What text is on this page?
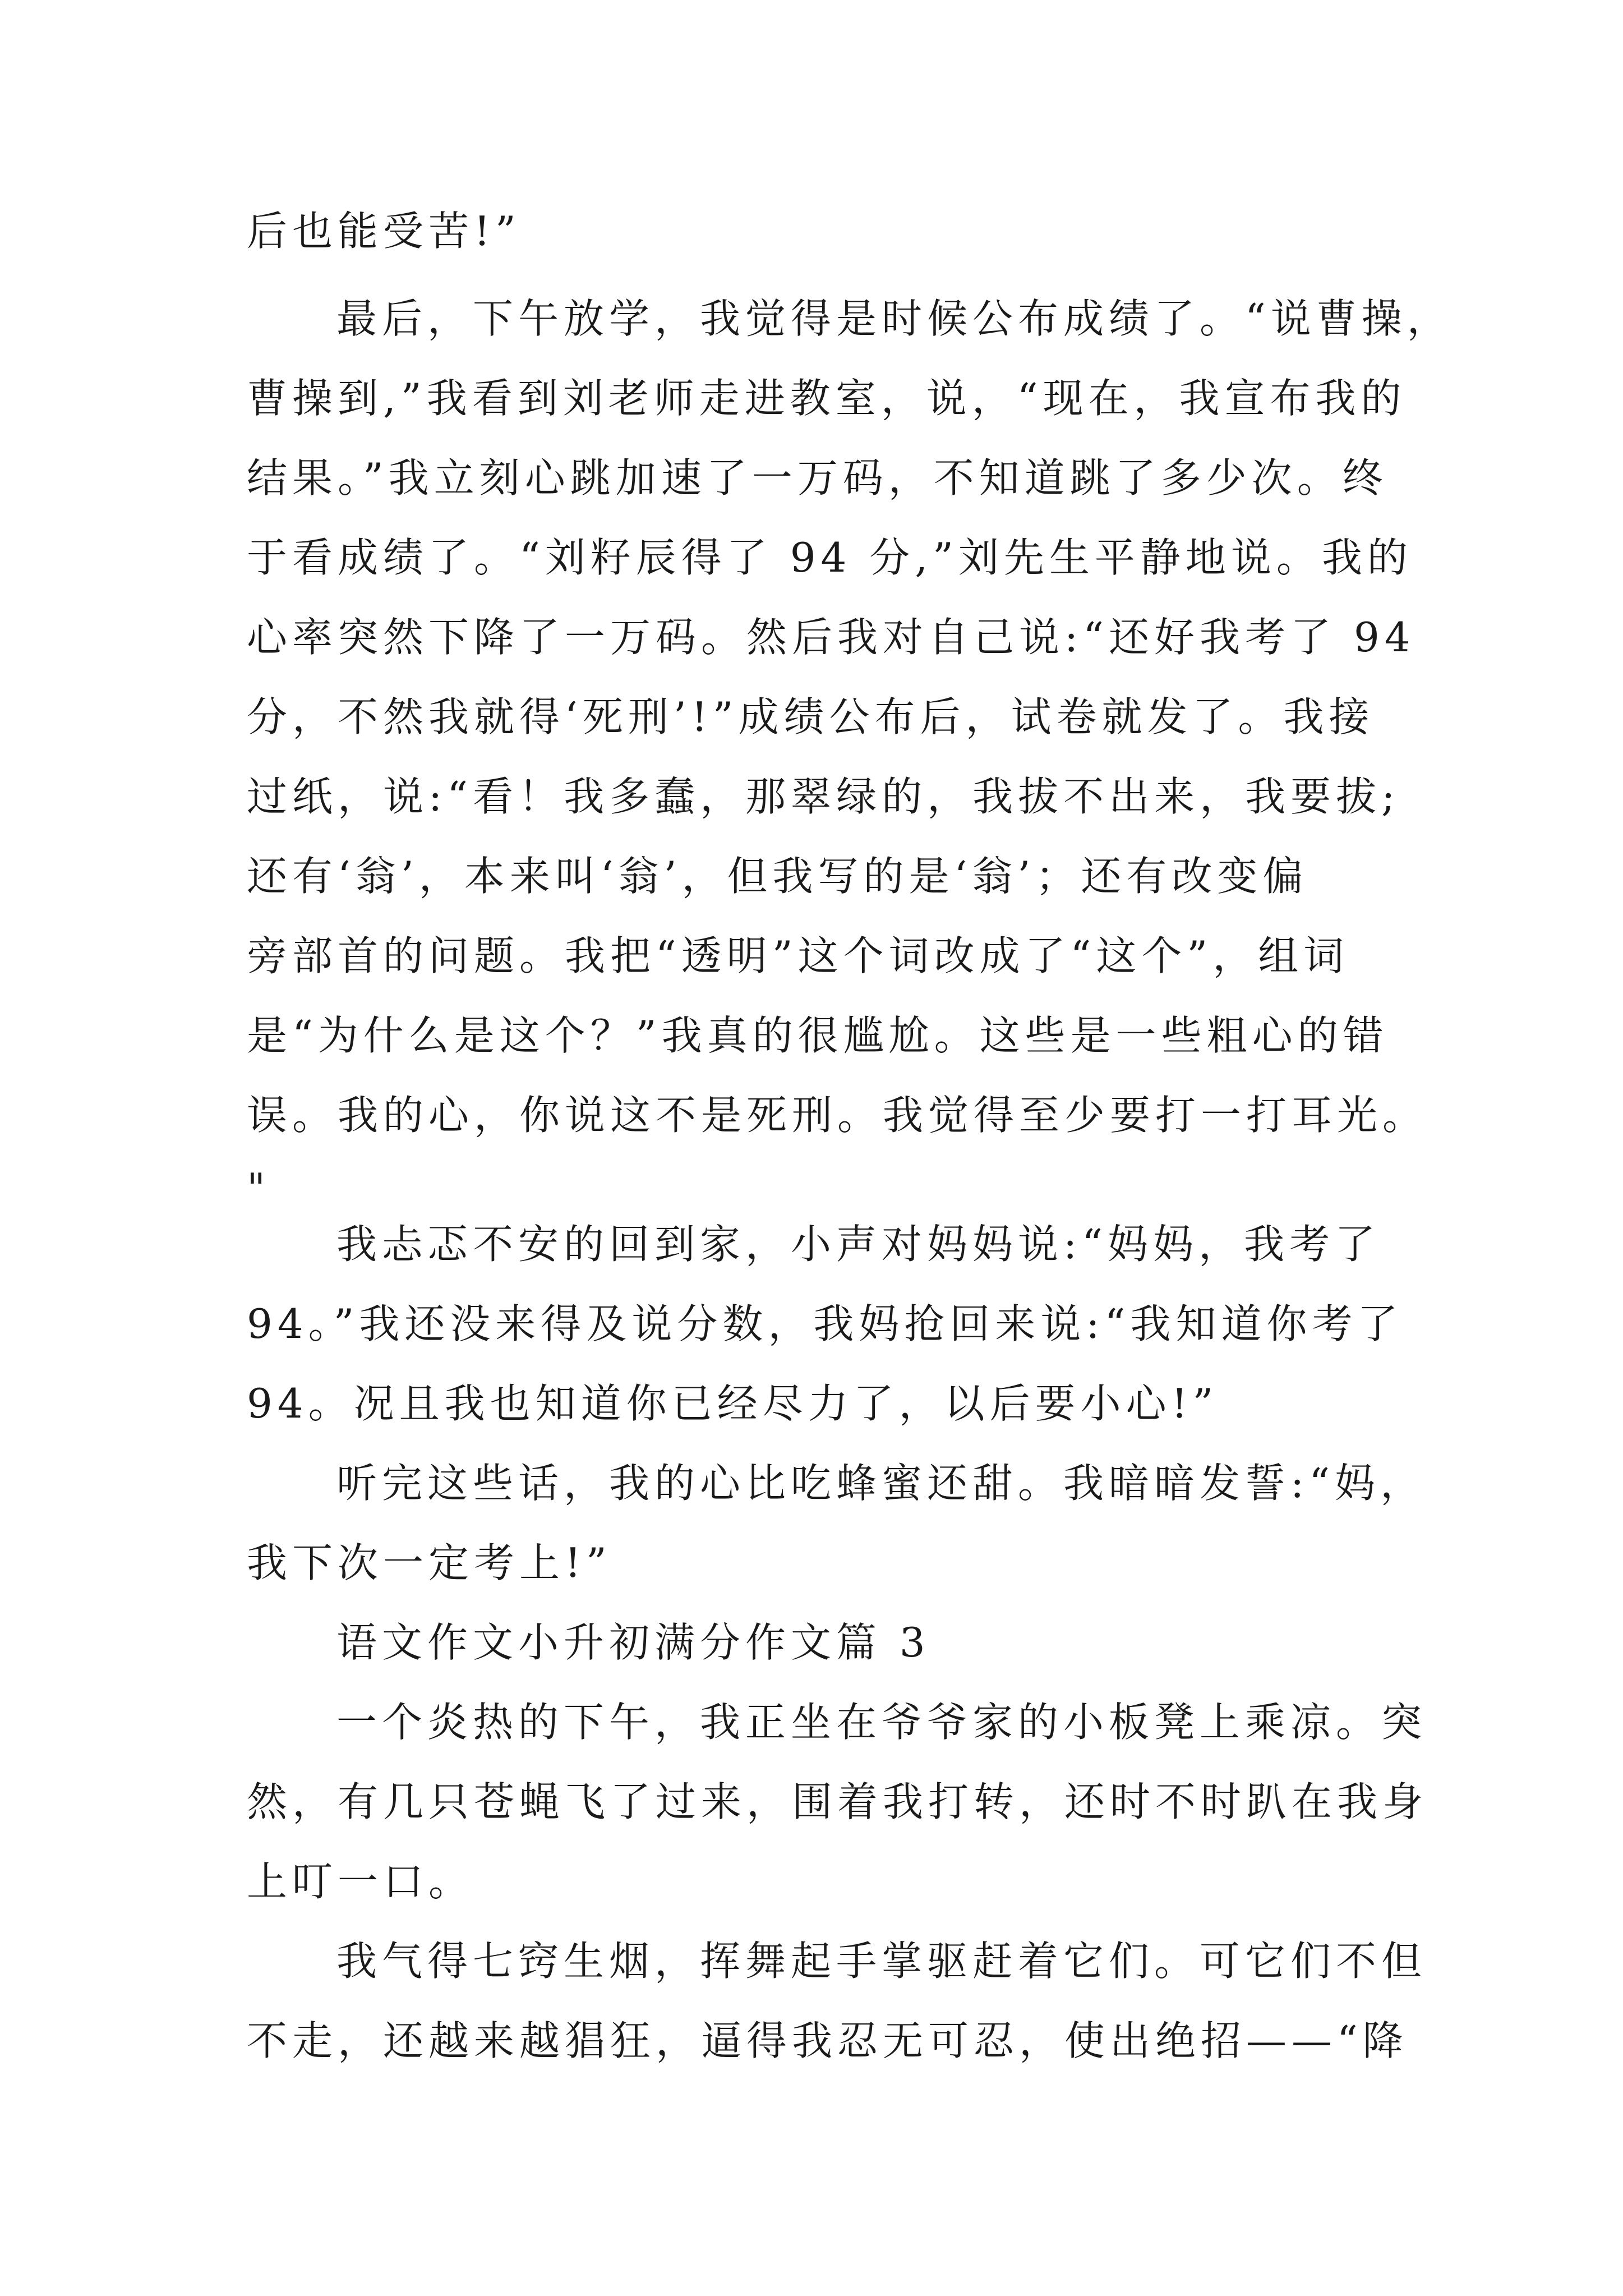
后也能受苦!”
最后，下午放学，我觉得是时候公布成绩了。“说曹操，
曹操到,”我看到刘老师走进教室，说，“现在，我宣布我的
结果。”我立刻心跳加速了一万码，不知道跳了多少次。终
于看成绩了。“刘籽辰得了 94 分,”刘先生平静地说。我的
心率突然下降了一万码。然后我对自己说:“还好我考了 94
分，不然我就得‘死刑’!”成绩公布后，试卷就发了。我接
过纸，说:“看！我多蠢，那翠绿的，我拔不出来，我要拔;
还有‘翁’，本来叫‘翁’，但我写的是‘翁’；还有改变偏
旁部首的问题。我把“透明”这个词改成了“这个”，组词
是“为什么是这个？”我真的很尴尬。这些是一些粗心的错
误。我的心，你说这不是死刑。我觉得至少要打一打耳光。
"
我忐忑不安的回到家，小声对妈妈说:“妈妈，我考了
94。”我还没来得及说分数，我妈抢回来说:“我知道你考了
94。况且我也知道你已经尽力了，以后要小心!”
听完这些话，我的心比吃蜂蜜还甜。我暗暗发誓:“妈，
我下次一定考上!”
语文作文小升初满分作文篇 3
一个炎热的下午，我正坐在爷爷家的小板凳上乘凉。突
然，有几只苍蝇飞了过来，围着我打转，还时不时趴在我身
上叮一口。
我气得七窍生烟，挥舞起手掌驱赶着它们。可它们不但
不走，还越来越猖狂，逼得我忍无可忍，使出绝招——“降
